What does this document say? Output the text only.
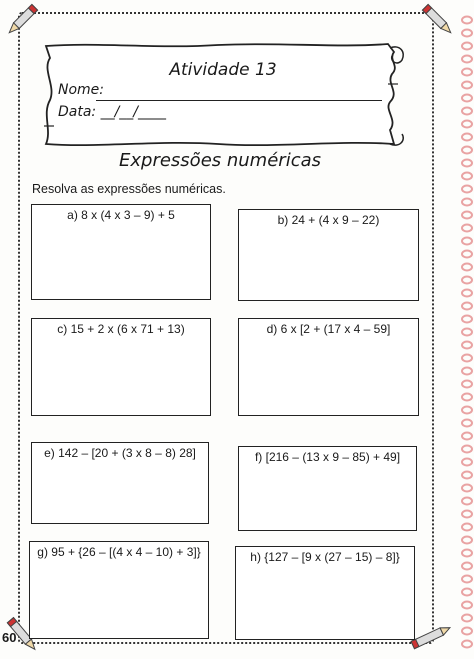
Atividade 13
Nome:
Data: __/__/____
Expressões numéricas
Resolva as expressões numéricas.
a) 8 x (4 x 3 – 9) + 5	b) 24 + (4 x 9 – 22)
c) 15 + 2 x (6 x 71 + 13)	d) 6 x [2 + (17 x 4 – 59]
e) 142 – [20 + (3 x 8 – 8) 28]	f) [216 – (13 x 9 – 85) + 49]
g) 95 + {26 – [(4 x 4 – 10) + 3]}	h) {127 – [9 x (27 – 15) – 8]}
60
